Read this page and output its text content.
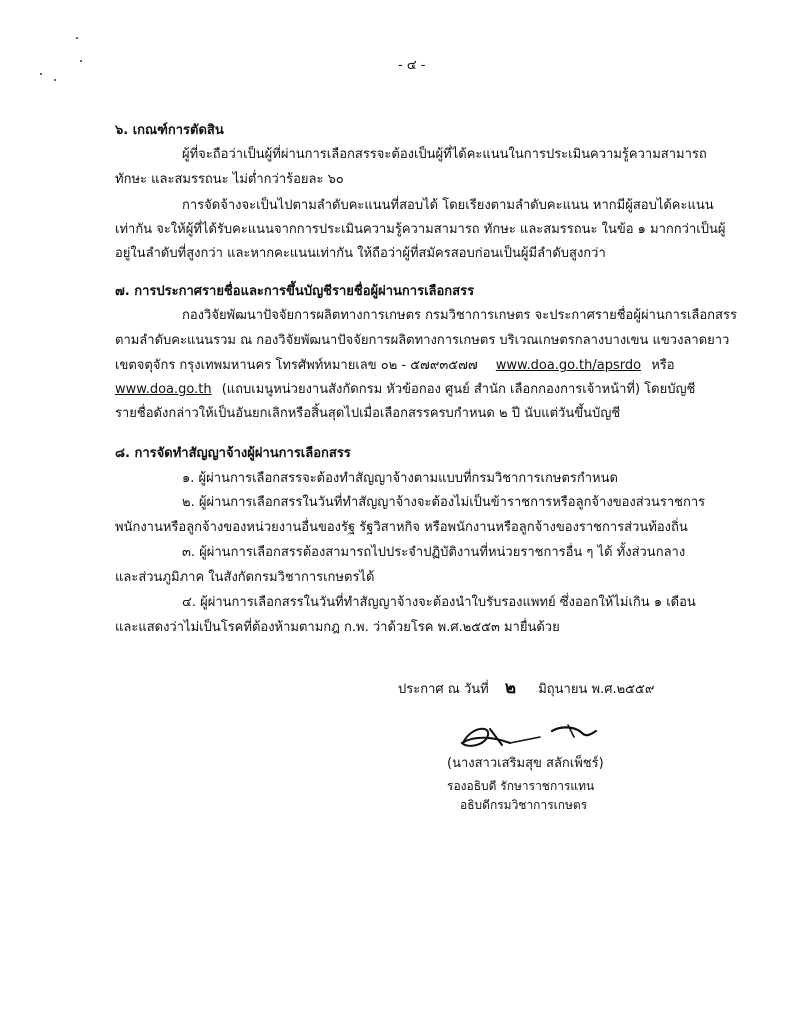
- ๔ -
๖. เกณฑ์การตัดสิน
ผู้ที่จะถือว่าเป็นผู้ที่ผ่านการเลือกสรรจะต้องเป็นผู้ที่ได้คะแนนในการประเมินความรู้ความสามารถ
ทักษะ และสมรรถนะ ไม่ต่ำกว่าร้อยละ ๖๐
การจัดจ้างจะเป็นไปตามลำดับคะแนนที่สอบได้ โดยเรียงตามลำดับคะแนน หากมีผู้สอบได้คะแนน
เท่ากัน จะให้ผู้ที่ได้รับคะแนนจากการประเมินความรู้ความสามารถ ทักษะ และสมรรถนะ ในข้อ ๑ มากกว่าเป็นผู้
อยู่ในลำดับที่สูงกว่า และหากคะแนนเท่ากัน ให้ถือว่าผู้ที่สมัครสอบก่อนเป็นผู้มีลำดับสูงกว่า
๗. การประกาศรายชื่อและการขึ้นบัญชีรายชื่อผู้ผ่านการเลือกสรร
กองวิจัยพัฒนาปัจจัยการผลิตทางการเกษตร กรมวิชาการเกษตร จะประกาศรายชื่อผู้ผ่านการเลือกสรร
ตามลำดับคะแนนรวม ณ กองวิจัยพัฒนาปัจจัยการผลิตทางการเกษตร บริเวณเกษตรกลางบางเขน แขวงลาดยาว
เขตจตุจักร กรุงเทพมหานคร โทรศัพท์หมายเลข ๐๒ - ๕๗๙๓๕๗๗ www.doa.go.th/apsrdo หรือ
www.doa.go.th (แถบเมนูหน่วยงานสังกัดกรม หัวข้อกอง ศูนย์ สำนัก เลือกกองการเจ้าหน้าที่) โดยบัญชี
รายชื่อดังกล่าวให้เป็นอันยกเลิกหรือสิ้นสุดไปเมื่อเลือกสรรครบกำหนด ๒ ปี นับแต่วันขึ้นบัญชี
๘. การจัดทำสัญญาจ้างผู้ผ่านการเลือกสรร
๑. ผู้ผ่านการเลือกสรรจะต้องทำสัญญาจ้างตามแบบที่กรมวิชาการเกษตรกำหนด
๒. ผู้ผ่านการเลือกสรรในวันที่ทำสัญญาจ้างจะต้องไม่เป็นข้าราชการหรือลูกจ้างของส่วนราชการ
พนักงานหรือลูกจ้างของหน่วยงานอื่นของรัฐ รัฐวิสาหกิจ หรือพนักงานหรือลูกจ้างของราชการส่วนท้องถิ่น
๓. ผู้ผ่านการเลือกสรรต้องสามารถไปประจำปฏิบัติงานที่หน่วยราชการอื่น ๆ ได้ ทั้งส่วนกลาง
และส่วนภูมิภาค ในสังกัดกรมวิชาการเกษตรได้
๔. ผู้ผ่านการเลือกสรรในวันที่ทำสัญญาจ้างจะต้องนำใบรับรองแพทย์ ซึ่งออกให้ไม่เกิน ๑ เดือน
และแสดงว่าไม่เป็นโรคที่ต้องห้ามตามกฎ ก.พ. ว่าด้วยโรค พ.ศ.๒๕๕๓ มายื่นด้วย
ประกาศ ณ วันที่ ๒ มิถุนายน พ.ศ.๒๕๕๙
(นางสาวเสริมสุข สลักเพ็ชร์)
รองอธิบดี รักษาราชการแทน
อธิบดีกรมวิชาการเกษตร
